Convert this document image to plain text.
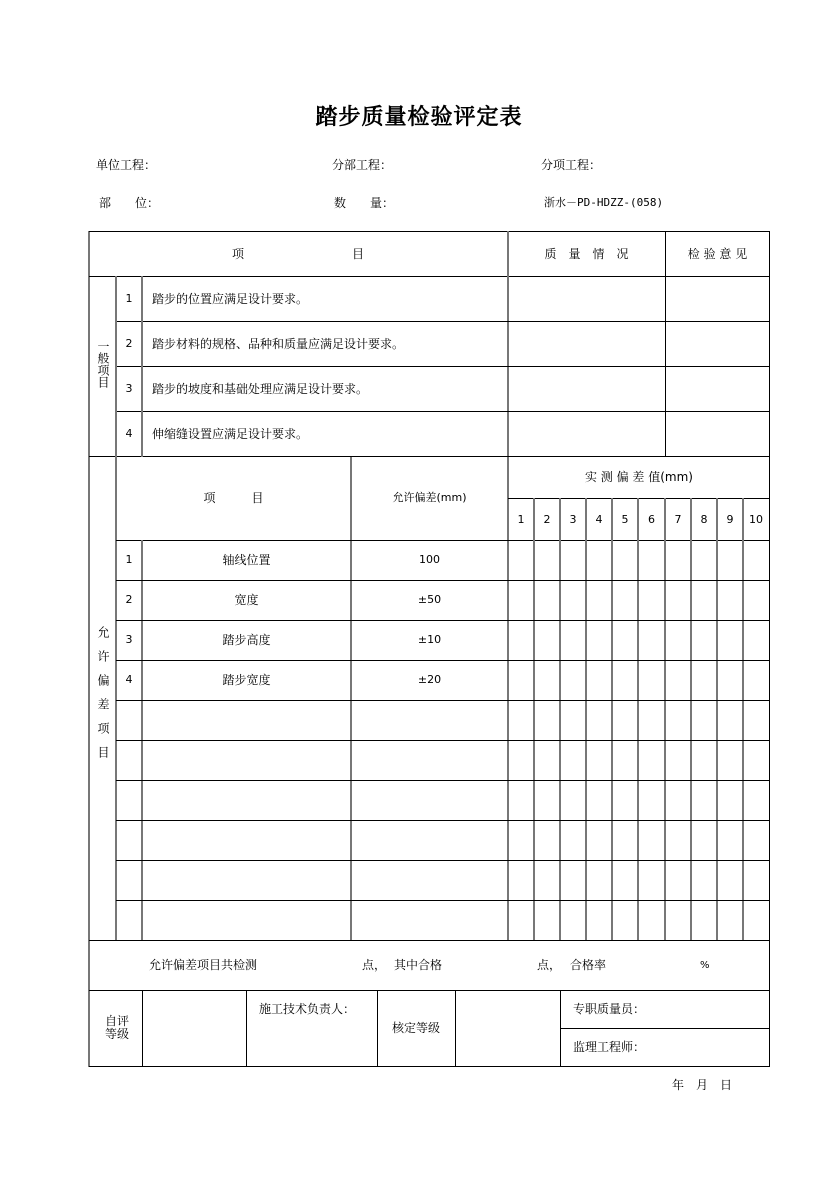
踏步质量检验评定表
单位工程：	分部工程：	分项工程：
部　　位：	数　　量：	浙水－PD-HDZZ-(058)
项　　　　　　　　　目	质　量　情　况	检 验 意 见
一般项目
1	踏步的位置应满足设计要求。
2	踏步材料的规格、品种和质量应满足设计要求。
3	踏步的坡度和基础处理应满足设计要求。
4	伸缩缝设置应满足设计要求。
允许偏差项目
项　　　目	允许偏差(mm)
实 测 偏 差 值(mm)
1	2	3	4	5	6	7	8	9	10
1	轴线位置	100
2	宽度	±50
3	踏步高度	±10
4	踏步宽度	±20
允许偏差项目共检测	点， 其中合格	点， 合格率	%
自评等级
施工技术负责人：
核定等级
专职质量员：
监理工程师：
年　月　日
